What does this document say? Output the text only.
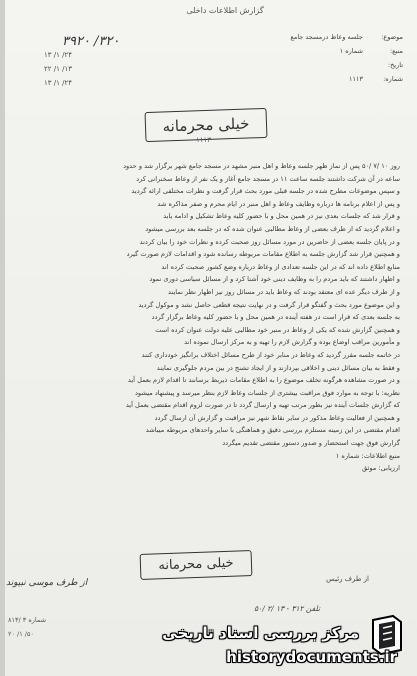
گزارش اطلاعات داخلی
موضوع: جلسه وعاظ درمسجد جامع
منبع: شماره ۱
تاریخ:
شماره: ۱۱۱۳
۳۹۲۰ /۳۲۰
۱۳ /۱ /۲۴
۲۲ /۱ /۱۳
۱۳ /۱ /۲۴
خیلی محرمانه
۱۱۱۳
روز ۱۰ /۷ /۵۰ پس از نماز ظهر جلسه وعاظ و اهل منبر مشهد در مسجد جامع شهر برگزار شد و حدود
ساعه در آن شرکت داشتند جلسه ساعت ۱۱ در مسجد جامع آغاز و یک نفر از وعاظ سخنرانی کرد
و سپس موضوعات مطرح شده در جلسه قبلی مورد بحث قرار گرفت و نظرات مختلفی ارائه گردید
و پس از اعلام برنامه ها درباره وظایف وعاظ و اهل منبر در ایام محرم و صفر مذاکره شد
و قرار شد که جلسات بعدی نیز در همین محل و با حضور کلیه وعاظ تشکیل و ادامه یابد
و اعلام گردید که از طرف بعضی از وعاظ مطالبی عنوان شده که در جلسه بعد بررسی میشود
و در پایان جلسه بعضی از حاضرین در مورد مسائل روز صحبت کرده و نظرات خود را بیان کردند
و همچنین قرار شد گزارش جلسه به اطلاع مقامات مربوطه رسانده شود و اقدامات لازم صورت گیرد
منابع اطلاع داده اند که در این جلسه تعدادی از وعاظ درباره وضع کشور صحبت کرده اند
و اظهار داشتند که باید مردم را به وظایف دینی خود آشنا کرد و از مسائل سیاسی دوری نمود
و از طرف دیگر عده ای معتقد بودند که وعاظ باید در مسائل روز نیز اظهار نظر نمایند
و این موضوع مورد بحث و گفتگو قرار گرفت و در نهایت نتیجه قطعی حاصل نشد و موکول گردید
به جلسه بعدی که قرار است در هفته آینده در همین محل و با حضور کلیه وعاظ برگزار گردد
و همچنین گزارش شده که یکی از وعاظ در منبر خود مطالبی علیه دولت عنوان کرده است
و مأمورین مراقب اوضاع بوده و گزارش لازم را تهیه و به مرکز ارسال نموده اند
در خاتمه جلسه مقرر گردید که وعاظ در منابر خود از طرح مسائل اختلاف برانگیز خودداری کنند
و فقط به بیان مسائل دینی و اخلاقی بپردازند و از ایجاد تشنج در بین مردم جلوگیری نمایند
و در صورت مشاهده هرگونه تخلف موضوع را به اطلاع مقامات ذیربط برسانند تا اقدام لازم بعمل آید
نظریه: با توجه به موارد فوق مراقبت بیشتری از جلسات وعاظ لازم بنظر میرسد و پیشنهاد میشود
که گزارش جلسات آینده نیز بطور مرتب تهیه و ارسال گردد تا در صورت لزوم اقدام مقتضی بعمل آید
و همچنین از فعالیت وعاظ مذکور در سایر نقاط شهر نیز مراقبت و گزارش آن ارسال گردد
اقدام مقتضی در این زمینه مستلزم بررسی دقیق و هماهنگی با سایر واحدهای مربوطه میباشد
گزارش فوق جهت استحضار و صدور دستور مقتضی تقدیم میگردد
منبع اطلاعات: شماره ۱
ارزیابی: موثق
خیلی محرمانه
از طرف رئیس
از طرف موسی نبیوند
تلفن ۳۱۲ - ۱۳ /۲ /۵۰
شماره ۳ /۸۱۳
۲۰ /۱ /۵۰	مرکز بررسی اسناد تاریخی
historydocuments.ir
